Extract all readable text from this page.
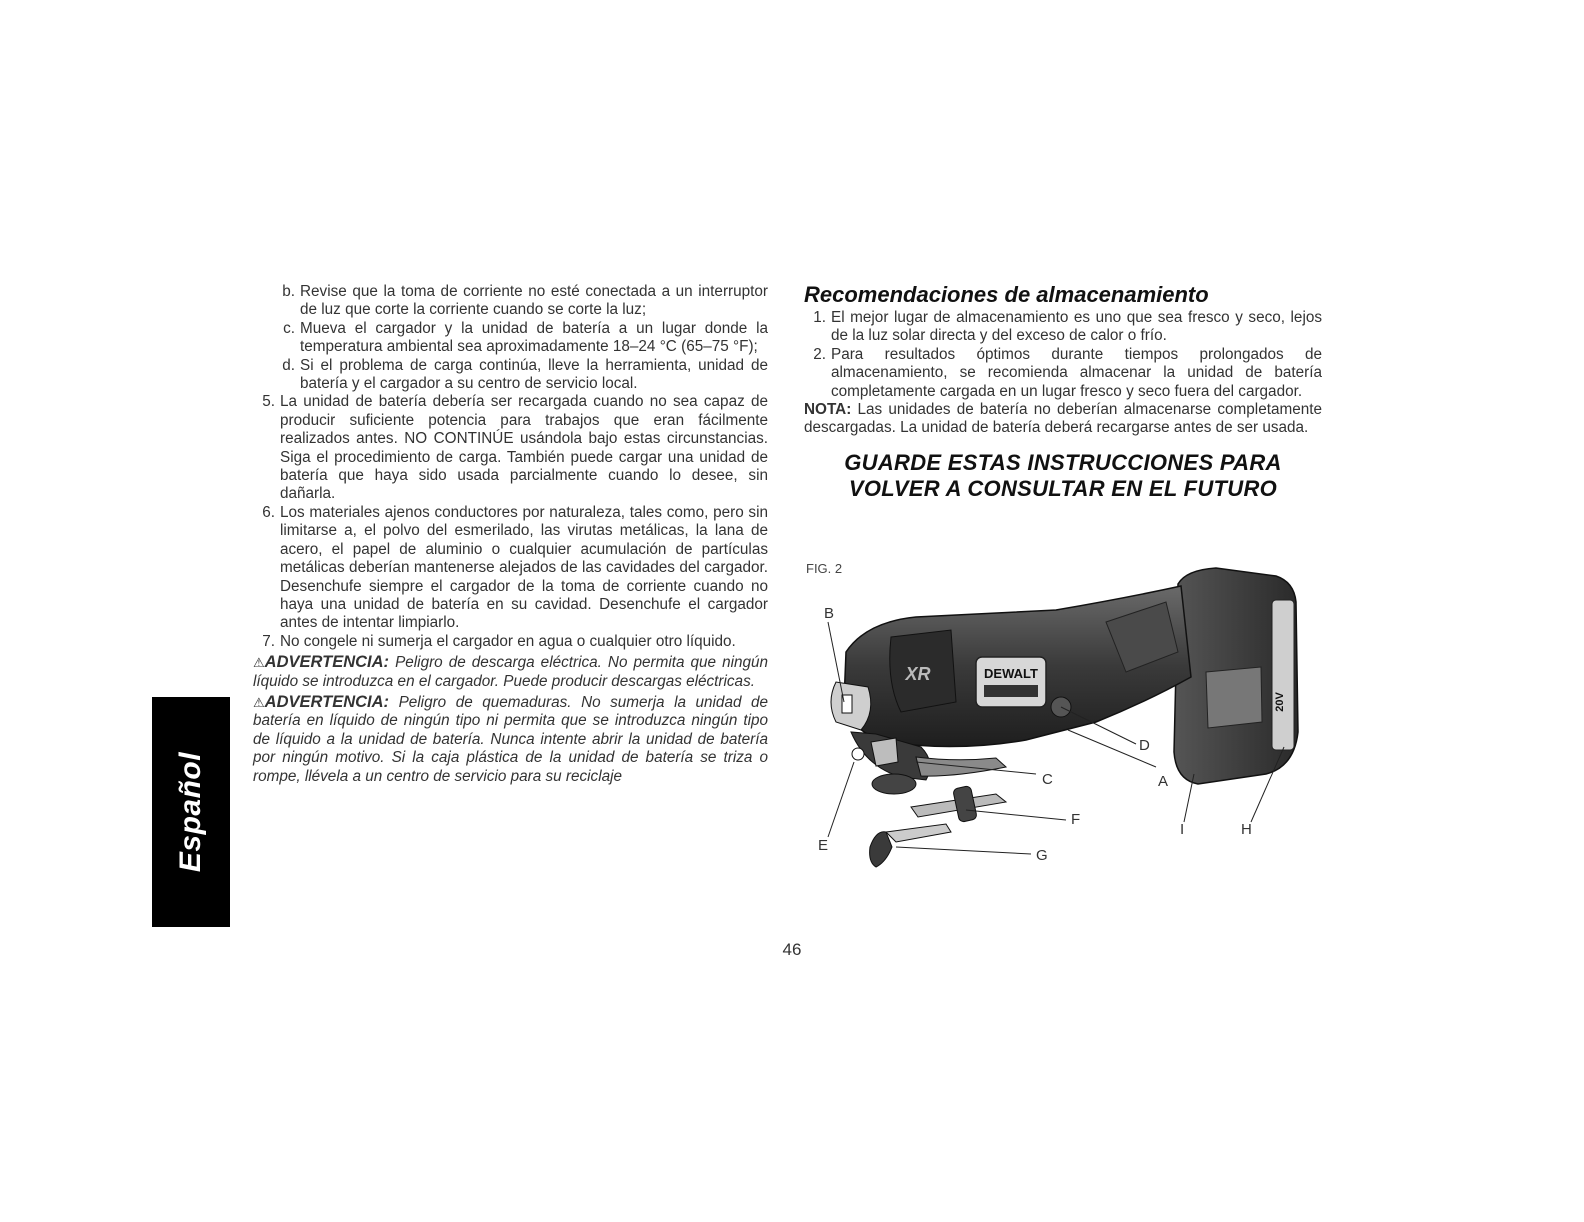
Español
b. Revise que la toma de corriente no esté conectada a un interruptor de luz que corte la corriente cuando se corte la luz;
c. Mueva el cargador y la unidad de batería a un lugar donde la temperatura ambiental sea aproximadamente 18–24 °C (65–75 °F);
d. Si el problema de carga continúa, lleve la herramienta, unidad de batería y el cargador a su centro de servicio local.
5. La unidad de batería debería ser recargada cuando no sea capaz de producir suficiente potencia para trabajos que eran fácilmente realizados antes. NO CONTINÚE usándola bajo estas circunstancias. Siga el procedimiento de carga. También puede cargar una unidad de batería que haya sido usada parcialmente cuando lo desee, sin dañarla.
6. Los materiales ajenos conductores por naturaleza, tales como, pero sin limitarse a, el polvo del esmerilado, las virutas metálicas, la lana de acero, el papel de aluminio o cualquier acumulación de partículas metálicas deberían mantenerse alejados de las cavidades del cargador. Desenchufe siempre el cargador de la toma de corriente cuando no haya una unidad de batería en su cavidad. Desenchufe el cargador antes de intentar limpiarlo.
7. No congele ni sumerja el cargador en agua o cualquier otro líquido.
⚠ADVERTENCIA: Peligro de descarga eléctrica. No permita que ningún líquido se introduzca en el cargador. Puede producir descargas eléctricas.
⚠ADVERTENCIA: Peligro de quemaduras. No sumerja la unidad de batería en líquido de ningún tipo ni permita que se introduzca ningún tipo de líquido a la unidad de batería. Nunca intente abrir la unidad de batería por ningún motivo. Si la caja plástica de la unidad de batería se triza o rompe, llévela a un centro de servicio para su reciclaje
Recomendaciones de almacenamiento
1. El mejor lugar de almacenamiento es uno que sea fresco y seco, lejos de la luz solar directa y del exceso de calor o frío.
2. Para resultados óptimos durante tiempos prolongados de almacenamiento, se recomienda almacenar la unidad de batería completamente cargada en un lugar fresco y seco fuera del cargador.
NOTA: Las unidades de batería no deberían almacenarse completamente descargadas. La unidad de batería deberá recargarse antes de ser usada.
GUARDE ESTAS INSTRUCCIONES PARA
VOLVER A CONSULTAR EN EL FUTURO
FIG. 2
20V
XR	DEWALT
B
D
A
C
E
F
G
I	H
46
